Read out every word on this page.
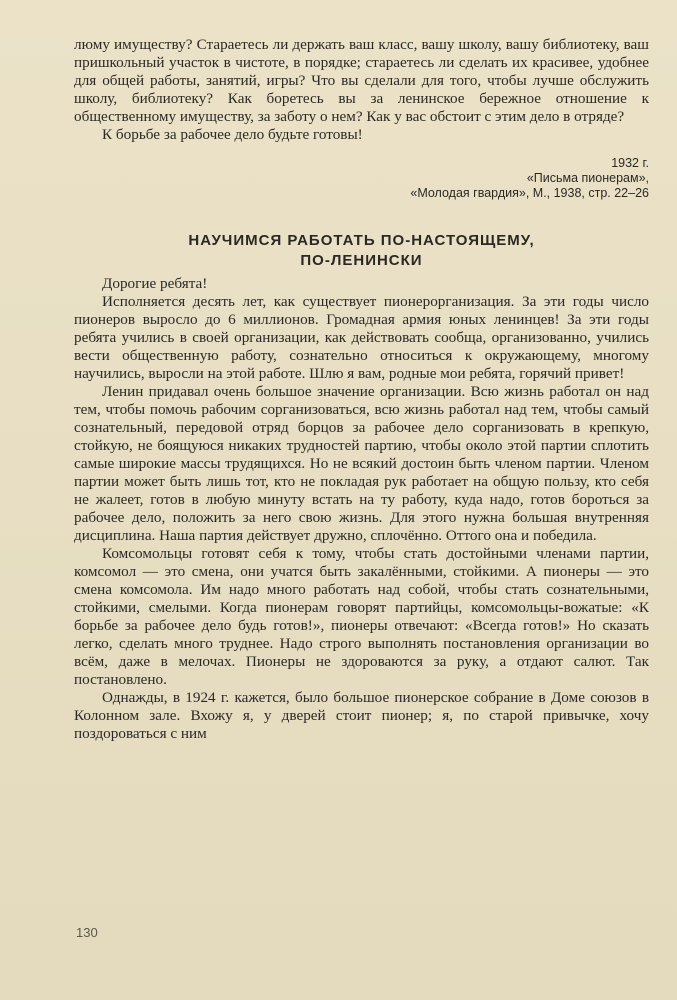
люму имуществу? Стараетесь ли держать ваш класс, вашу школу, вашу библиотеку, ваш пришкольный участок в чистоте, в порядке; стараетесь ли сделать их красивее, удобнее для общей работы, занятий, игры? Что вы сделали для того, чтобы лучше обслужить школу, библиотеку? Как боретесь вы за ленинское бережное отношение к общественному имуществу, за заботу о нем? Как у вас обстоит с этим дело в отряде?

К борьбе за рабочее дело будьте готовы!

1932 г.
«Письма пионерам»,
«Молодая гвардия», М., 1938, стр. 22–26
НАУЧИМСЯ РАБОТАТЬ ПО-НАСТОЯЩЕМУ,
ПО-ЛЕНИНСКИ

Дорогие ребята!

Исполняется десять лет, как существует пионерорганизация. За эти годы число пионеров выросло до 6 миллионов. Громадная армия юных ленинцев! За эти годы ребята учились в своей организации, как действовать сообща, организованно, учились вести общественную работу, сознательно относиться к окружающему, многому научились, выросли на этой работе. Шлю я вам, родные мои ребята, горячий привет!

Ленин придавал очень большое значение организации. Всю жизнь работал он над тем, чтобы помочь рабочим сорганизоваться, всю жизнь работал над тем, чтобы самый сознательный, передовой отряд борцов за рабочее дело сорганизовать в крепкую, стойкую, не боящуюся никаких трудностей партию, чтобы около этой партии сплотить самые широкие массы трудящихся. Но не всякий достоин быть членом партии. Членом партии может быть лишь тот, кто не покладая рук работает на общую пользу, кто себя не жалеет, готов в любую минуту встать на ту работу, куда надо, готов бороться за рабочее дело, положить за него свою жизнь. Для этого нужна большая внутренняя дисциплина. Наша партия действует дружно, сплочённо. Оттого она и победила.

Комсомольцы готовят себя к тому, чтобы стать достойными членами партии, комсомол — это смена, они учатся быть закалёнными, стойкими. А пионеры — это смена комсомола. Им надо много работать над собой, чтобы стать сознательными, стойкими, смелыми. Когда пионерам говорят партийцы, комсомольцы-вожатые: «К борьбе за рабочее дело будь готов!», пионеры отвечают: «Всегда готов!» Но сказать легко, сделать много труднее. Надо строго выполнять постановления организации во всём, даже в мелочах. Пионеры не здороваются за руку, а отдают салют. Так постановлено.

Однажды, в 1924 г. кажется, было большое пионерское собрание в Доме союзов в Колонном зале. Вхожу я, у дверей стоит пионер; я, по старой привычке, хочу поздороваться с ним

130
